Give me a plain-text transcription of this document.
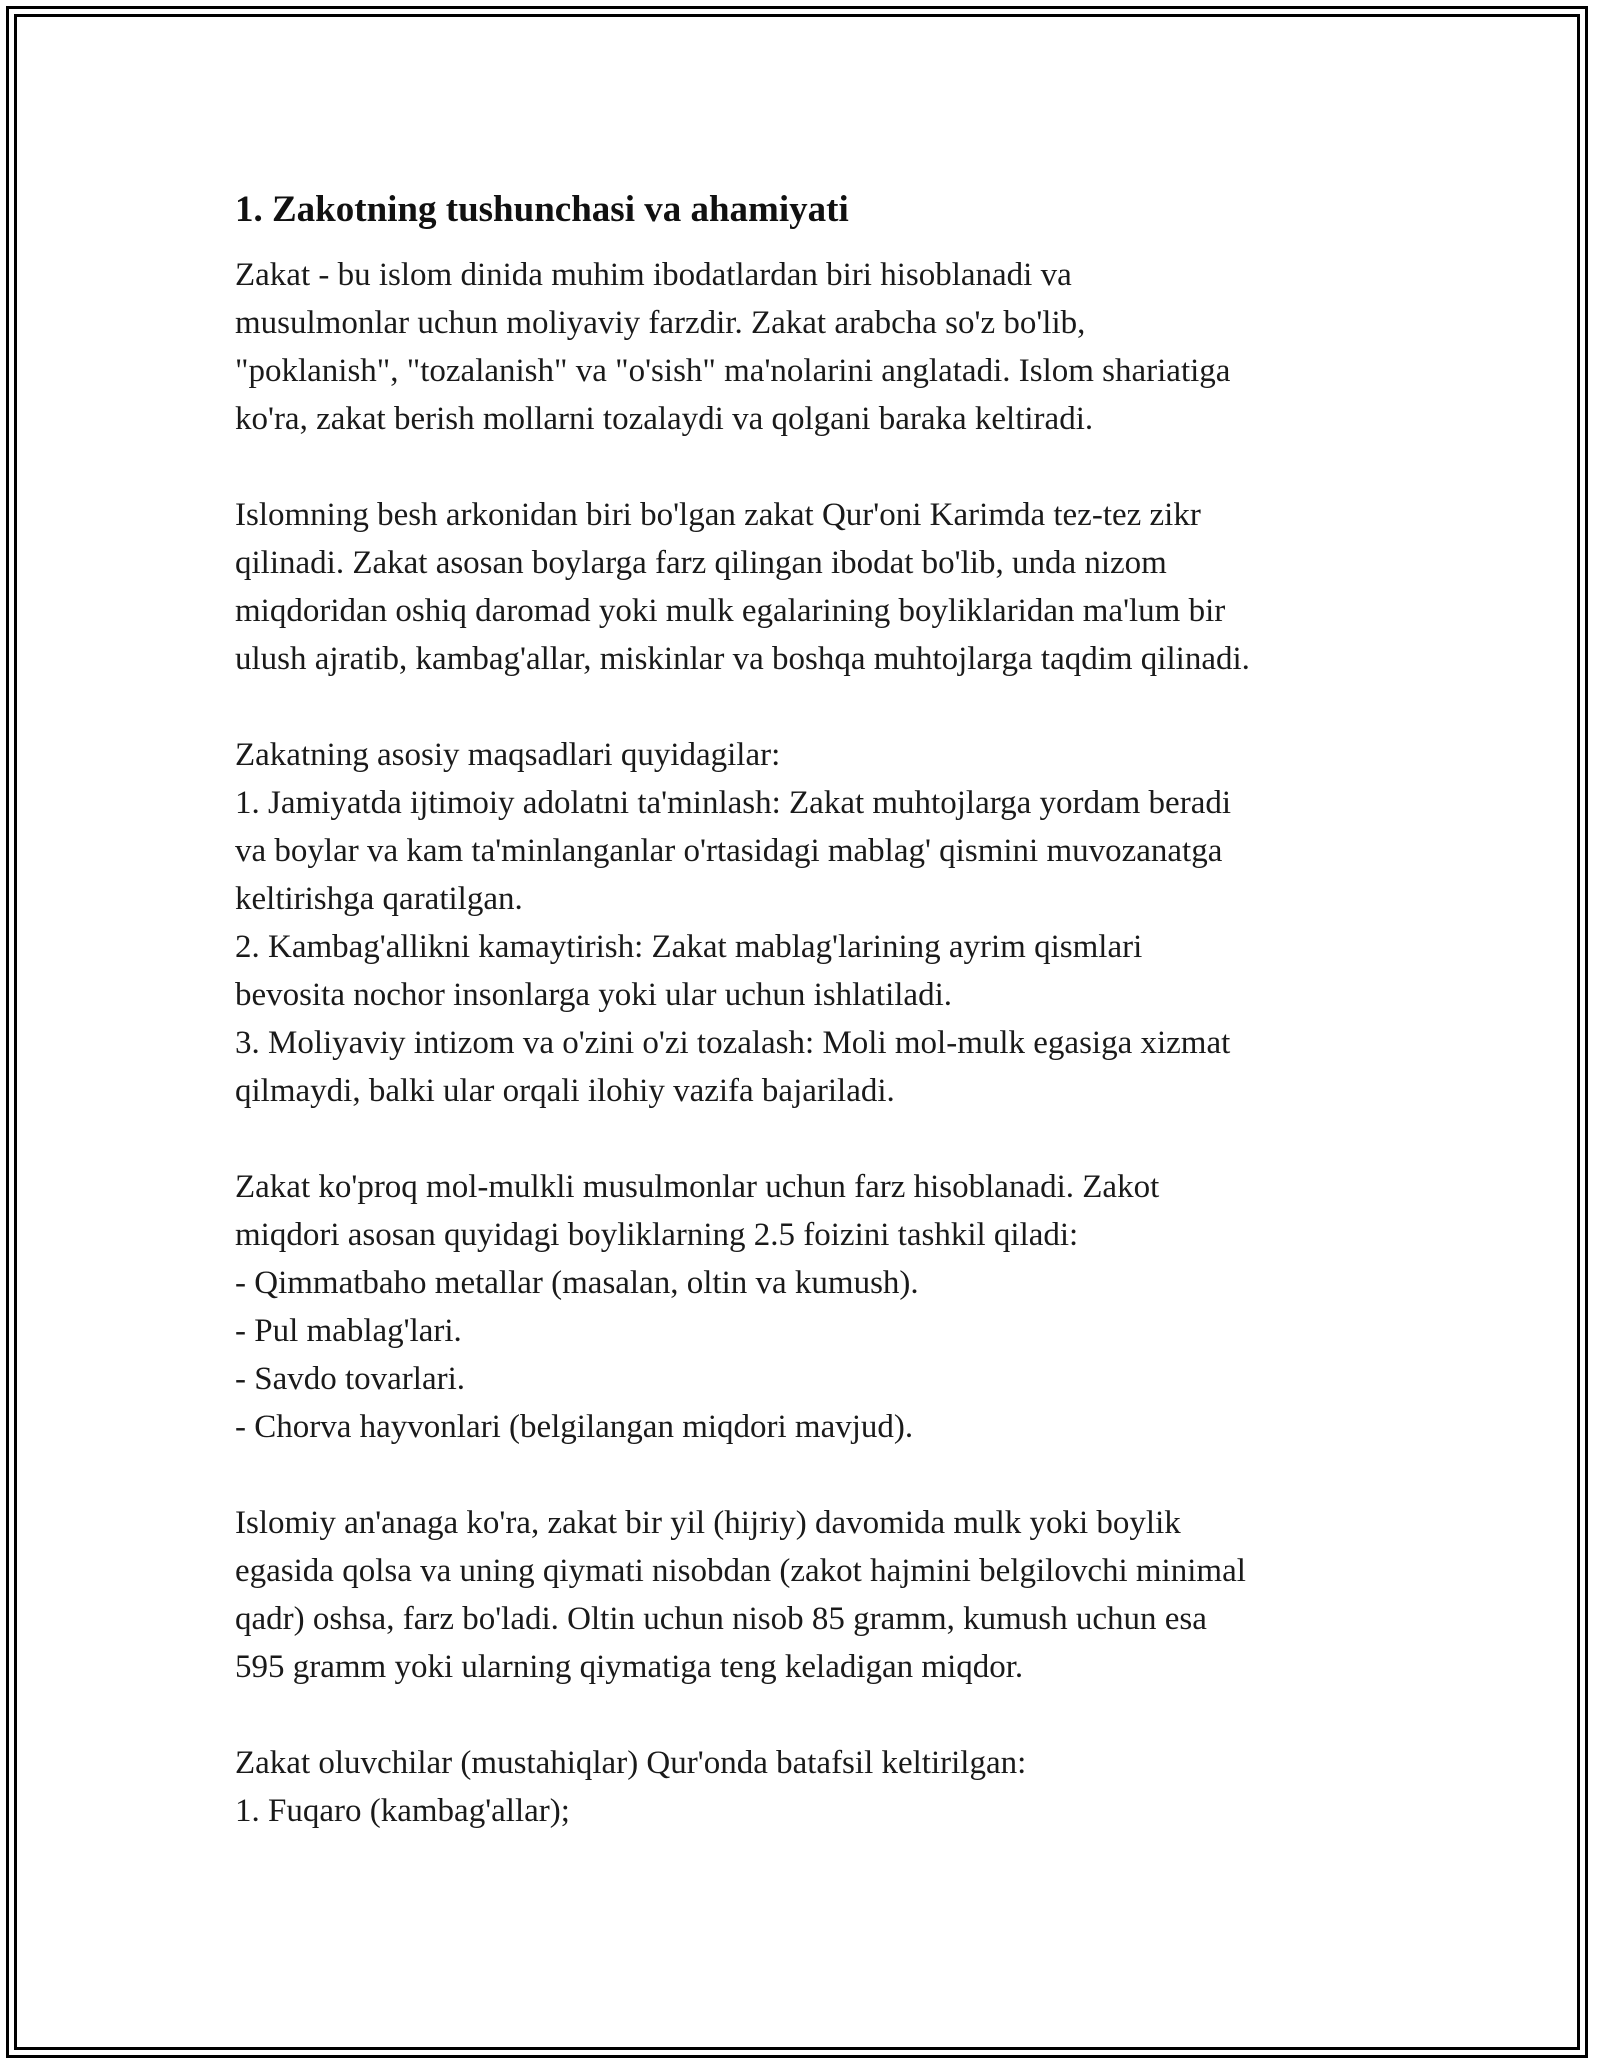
1. Zakotning tushunchasi va ahamiyati
Zakat - bu islom dinida muhim ibodatlardan biri hisoblanadi va
musulmonlar uchun moliyaviy farzdir. Zakat arabcha so'z bo'lib,
"poklanish", "tozalanish" va "o'sish" ma'nolarini anglatadi. Islom shariatiga
ko'ra, zakat berish mollarni tozalaydi va qolgani baraka keltiradi.
Islomning besh arkonidan biri bo'lgan zakat Qur'oni Karimda tez-tez zikr
qilinadi. Zakat asosan boylarga farz qilingan ibodat bo'lib, unda nizom
miqdoridan oshiq daromad yoki mulk egalarining boyliklaridan ma'lum bir
ulush ajratib, kambag'allar, miskinlar va boshqa muhtojlarga taqdim qilinadi.
Zakatning asosiy maqsadlari quyidagilar:
1. Jamiyatda ijtimoiy adolatni ta'minlash: Zakat muhtojlarga yordam beradi
va boylar va kam ta'minlanganlar o'rtasidagi mablag' qismini muvozanatga
keltirishga qaratilgan.
2. Kambag'allikni kamaytirish: Zakat mablag'larining ayrim qismlari
bevosita nochor insonlarga yoki ular uchun ishlatiladi.
3. Moliyaviy intizom va o'zini o'zi tozalash: Moli mol-mulk egasiga xizmat
qilmaydi, balki ular orqali ilohiy vazifa bajariladi.
Zakat ko'proq mol-mulkli musulmonlar uchun farz hisoblanadi. Zakot
miqdori asosan quyidagi boyliklarning 2.5 foizini tashkil qiladi:
- Qimmatbaho metallar (masalan, oltin va kumush).
- Pul mablag'lari.
- Savdo tovarlari.
- Chorva hayvonlari (belgilangan miqdori mavjud).
Islomiy an'anaga ko'ra, zakat bir yil (hijriy) davomida mulk yoki boylik
egasida qolsa va uning qiymati nisobdan (zakot hajmini belgilovchi minimal
qadr) oshsa, farz bo'ladi. Oltin uchun nisob 85 gramm, kumush uchun esa
595 gramm yoki ularning qiymatiga teng keladigan miqdor.
Zakat oluvchilar (mustahiqlar) Qur'onda batafsil keltirilgan:
1. Fuqaro (kambag'allar);
